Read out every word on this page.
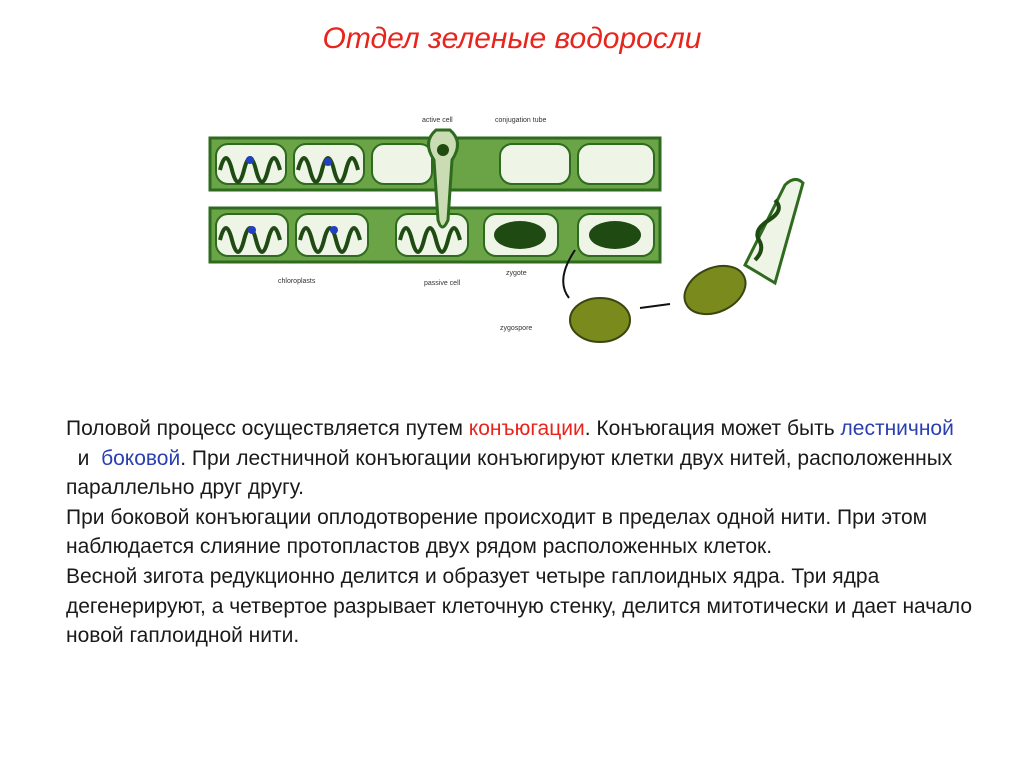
Отдел зеленые водоросли
active cell	conjugation tube
chloroplasts	passive cell
zygote
zygospore

Половой процесс осуществляется путем конъюгации. Конъюгация может быть лестничной  и  боковой. При лестничной конъюгации конъюгируют клетки двух нитей, расположенных параллельно друг другу.

При боковой конъюгации оплодотворение происходит в пределах одной нити. При этом наблюдается слияние протопластов двух рядом расположенных клеток.

Весной зигота редукционно делится и образует четыре гаплоидных ядра. Три ядра дегенерируют, а четвертое разрывает клеточную стенку, делится митотически и дает начало новой гаплоидной нити.
